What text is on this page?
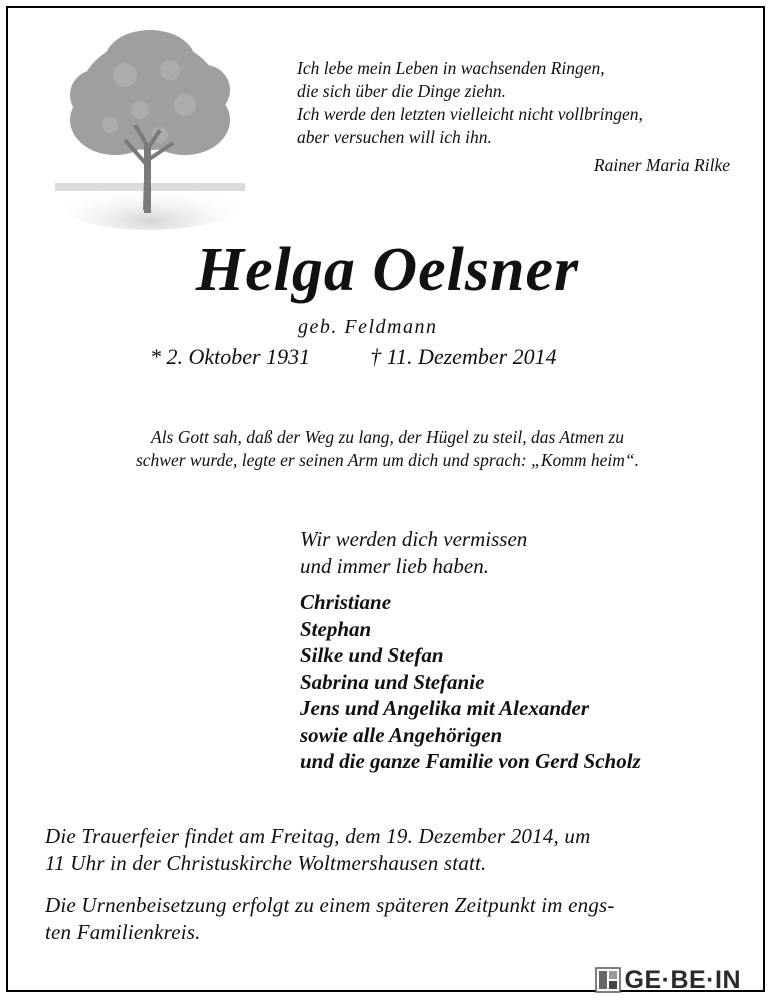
Ich lebe mein Leben in wachsenden Ringen,
die sich über die Dinge ziehn.
Ich werde den letzten vielleicht nicht vollbringen,
aber versuchen will ich ihn.
Rainer Maria Rilke
Helga Oelsner
geb. Feldmann
* 2. Oktober 1931	† 11. Dezember 2014
Als Gott sah, daß der Weg zu lang, der Hügel zu steil, das Atmen zu
schwer wurde, legte er seinen Arm um dich und sprach: „Komm heim“.
Wir werden dich vermissen
und immer lieb haben.
Christiane
Stephan
Silke und Stefan
Sabrina und Stefanie
Jens und Angelika mit Alexander
sowie alle Angehörigen
und die ganze Familie von Gerd Scholz
Die Trauerfeier findet am Freitag, dem 19. Dezember 2014, um
11 Uhr in der Christuskirche Woltmershausen statt.
Die Urnenbeisetzung erfolgt zu einem späteren Zeitpunkt im engs-
ten Familienkreis.
GE·BE·IN
